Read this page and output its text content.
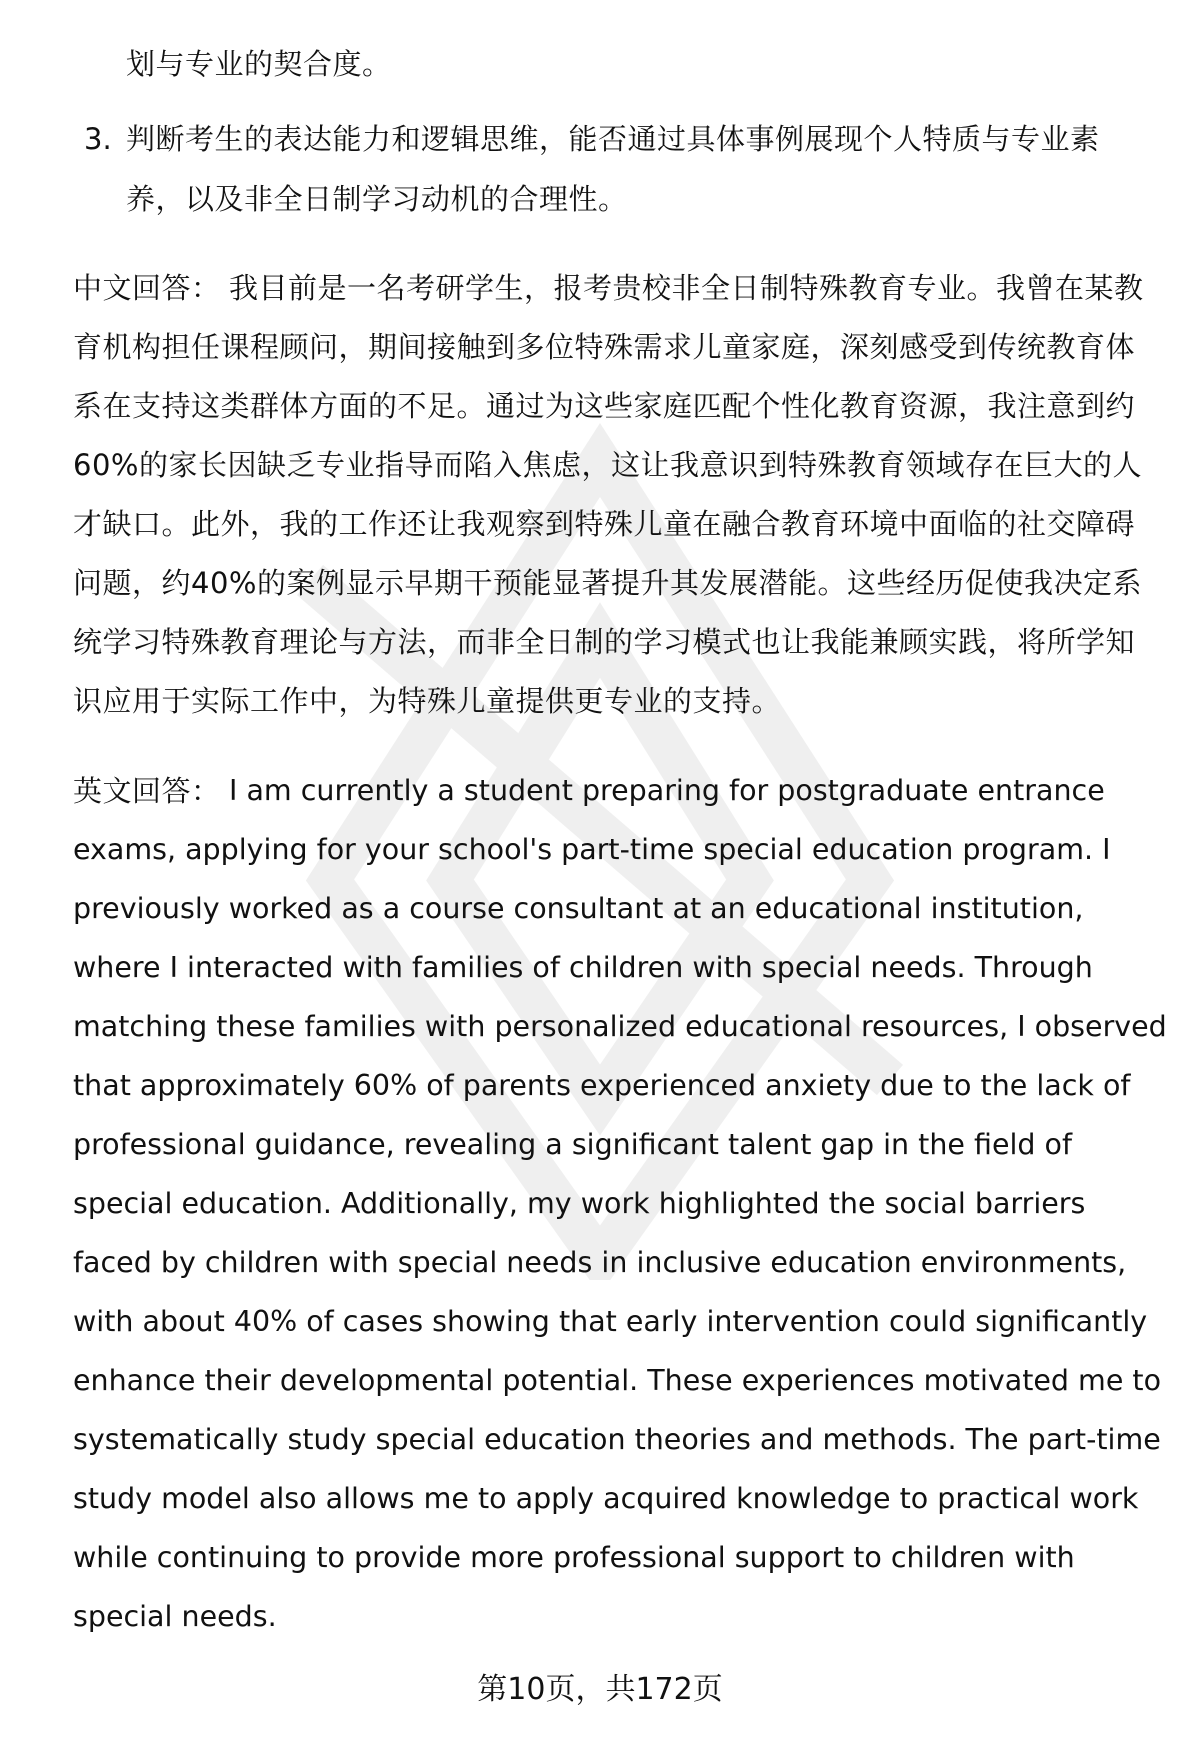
划与专业的契合度。
3. 判断考生的表达能力和逻辑思维，能否通过具体事例展现个人特质与专业素
养，以及非全日制学习动机的合理性。
中文回答： 我目前是一名考研学生，报考贵校非全日制特殊教育专业。我曾在某教
育机构担任课程顾问，期间接触到多位特殊需求儿童家庭，深刻感受到传统教育体
系在支持这类群体方面的不足。通过为这些家庭匹配个性化教育资源，我注意到约
60%的家长因缺乏专业指导而陷入焦虑，这让我意识到特殊教育领域存在巨大的人
才缺口。此外，我的工作还让我观察到特殊儿童在融合教育环境中面临的社交障碍
问题，约40%的案例显示早期干预能显著提升其发展潜能。这些经历促使我决定系
统学习特殊教育理论与方法，而非全日制的学习模式也让我能兼顾实践，将所学知
识应用于实际工作中，为特殊儿童提供更专业的支持。
英文回答： I am currently a student preparing for postgraduate entrance
exams, applying for your school's part-time special education program. I
previously worked as a course consultant at an educational institution,
where I interacted with families of children with special needs. Through
matching these families with personalized educational resources, I observed
that approximately 60% of parents experienced anxiety due to the lack of
professional guidance, revealing a significant talent gap in the field of
special education. Additionally, my work highlighted the social barriers
faced by children with special needs in inclusive education environments,
with about 40% of cases showing that early intervention could significantly
enhance their developmental potential. These experiences motivated me to
systematically study special education theories and methods. The part-time
study model also allows me to apply acquired knowledge to practical work
while continuing to provide more professional support to children with
special needs.
第10页，共172页
